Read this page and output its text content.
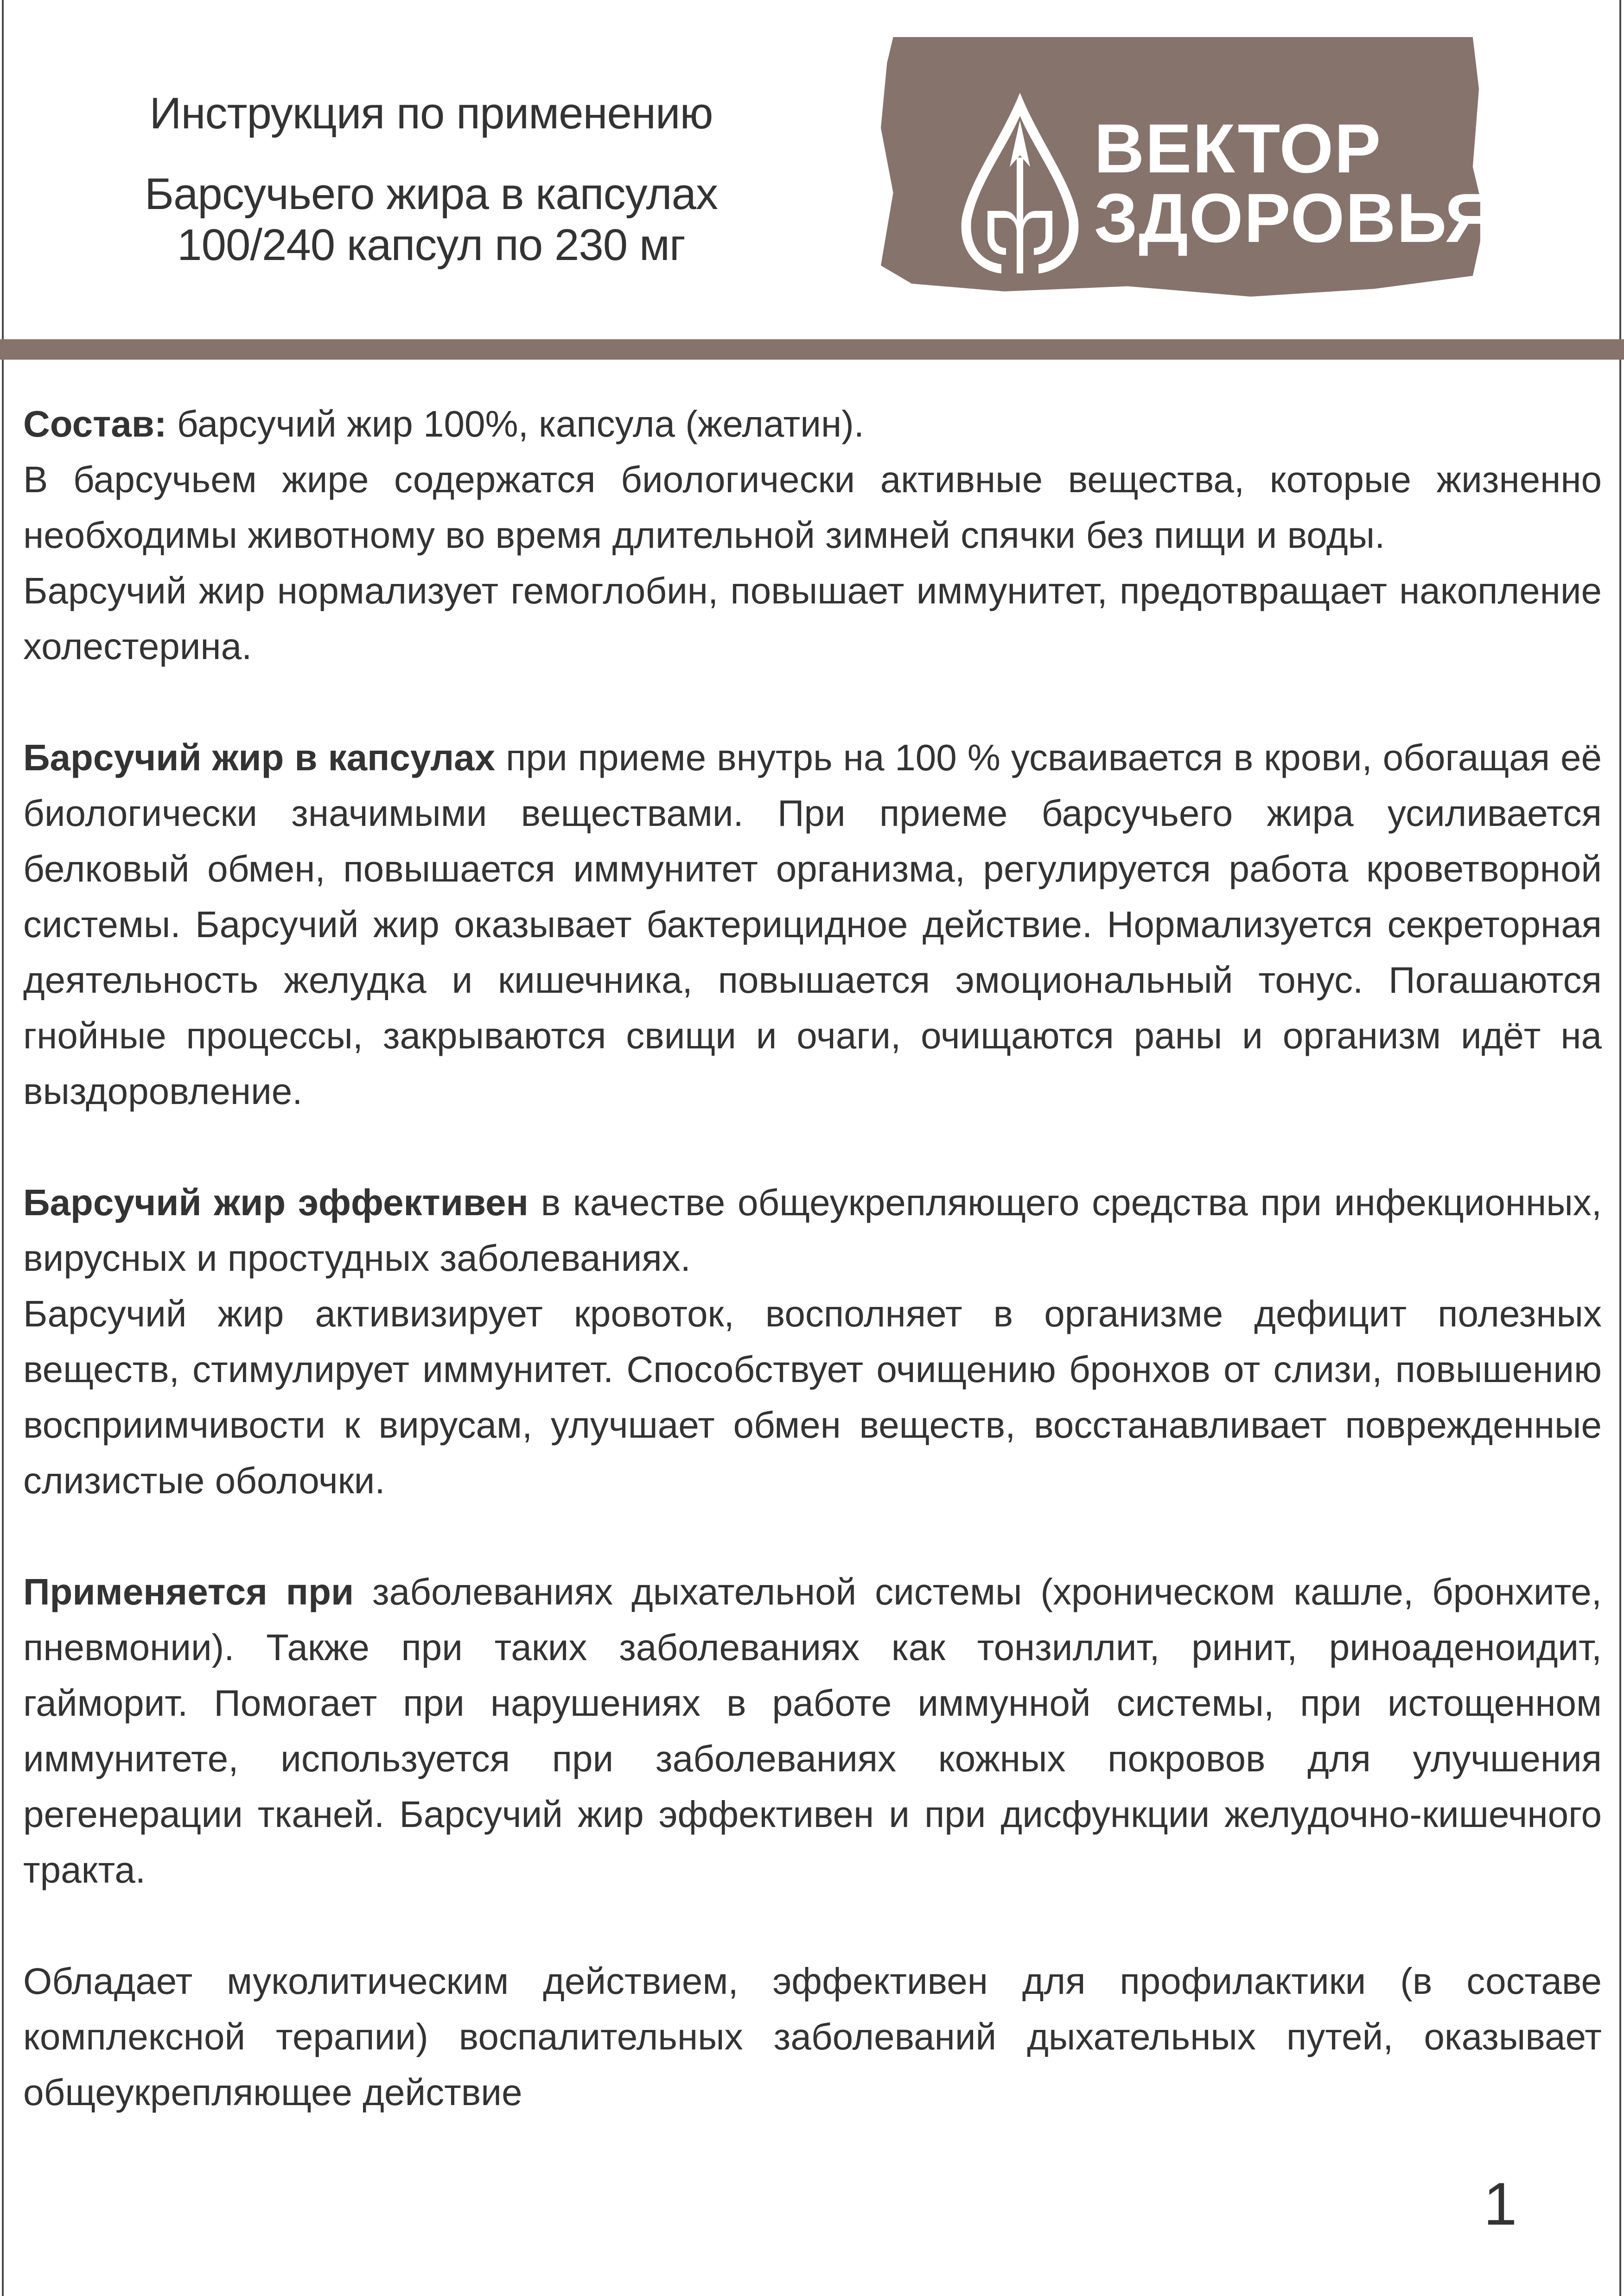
Инструкция по применению
Барсучьего жира в капсулах
100/240 капсул по 230 мг
ВЕКТОР
ЗДОРОВЬЯ

Состав: барсучий жир 100%, капсула (желатин).

В барсучьем жире содержатся биологически активные вещества, которые жизненно необходимы животному во время длительной зимней спячки без пищи и воды.

Барсучий жир нормализует гемоглобин, повышает иммунитет, предотвращает накопление холестерина.

Барсучий жир в капсулах при приеме внутрь на 100 % усваивается в крови, обогащая её биологически значимыми веществами. При приеме барсучьего жира усиливается белковый обмен, повышается иммунитет организма, регулируется работа кроветворной системы. Барсучий жир оказывает бактерицидное действие. Нормализуется секреторная деятельность желудка и кишечника, повышается эмоциональный тонус. Погашаются гнойные процессы, закрываются свищи и очаги, очищаются раны и организм идёт на выздоровление.

Барсучий жир эффективен в качестве общеукрепляющего средства при инфекционных, вирусных и простудных заболеваниях.

Барсучий жир активизирует кровоток, восполняет в организме дефицит полезных веществ, стимулирует иммунитет. Способствует очищению бронхов от слизи, повышению восприимчивости к вирусам, улучшает обмен веществ, восстанавливает поврежденные слизистые оболочки.

Применяется при заболеваниях дыхательной системы (хроническом кашле, бронхите, пневмонии). Также при таких заболеваниях как тонзиллит, ринит, риноаденоидит, гайморит. Помогает при нарушениях в работе иммунной системы, при истощенном иммунитете, используется при заболеваниях кожных покровов для улучшения регенерации тканей. Барсучий жир эффективен и при дисфункции желудочно-кишечного тракта.

Обладает муколитическим действием, эффективен для профилактики (в составе комплексной терапии) воспалительных заболеваний дыхательных путей, оказывает общеукрепляющее действие

1
